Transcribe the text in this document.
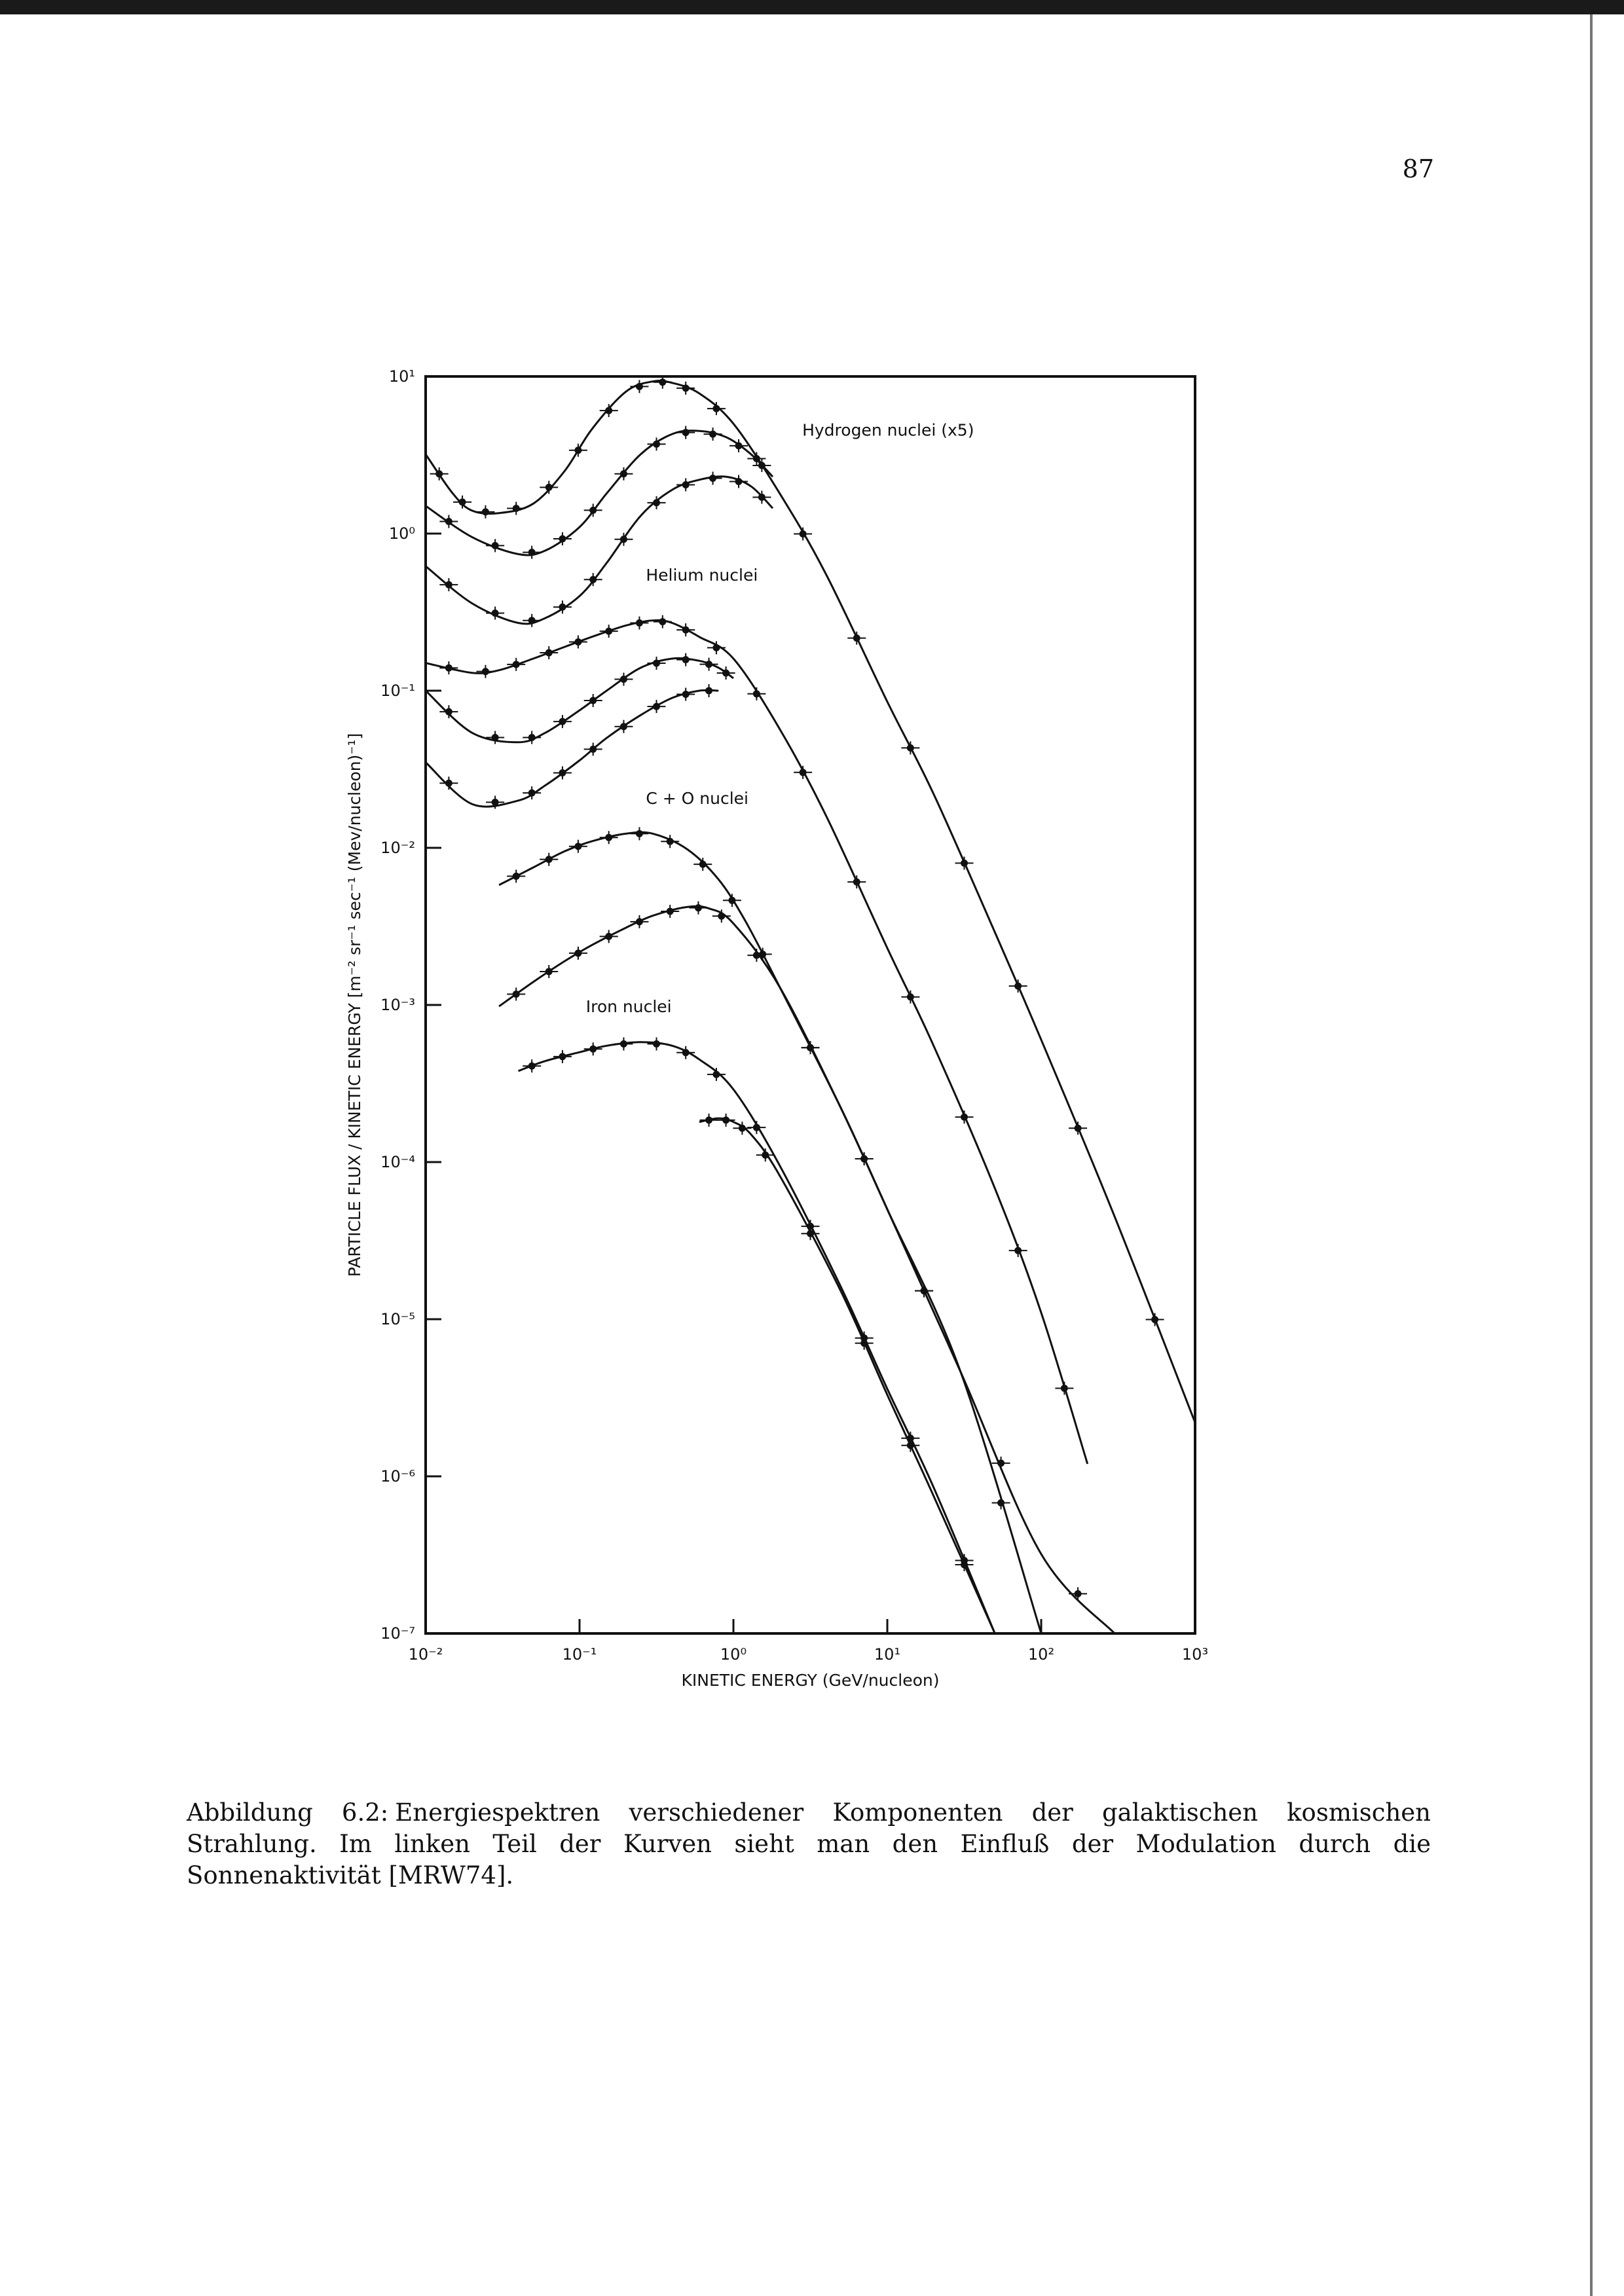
87
10¹
10⁰
10⁻¹
10⁻²
10⁻³
10⁻⁴
10⁻⁵
10⁻⁶
10⁻⁷
10⁻²	10⁻¹	10⁰	10¹	10²	10³
KINETIC ENERGY (GeV/nucleon)
PARTICLE FLUX / KINETIC ENERGY [m⁻² sr⁻¹ sec⁻¹ (Mev/nucleon)⁻¹]
Hydrogen nuclei (x5)
Helium nuclei
C + O nuclei
Iron nuclei
Abbildung 6.2: Energiespektren verschiedener Komponenten der galaktischen kosmischen Strahlung. Im linken Teil der Kurven sieht man den Einfluß der Modulation durch die Sonnenaktivität [MRW74].
